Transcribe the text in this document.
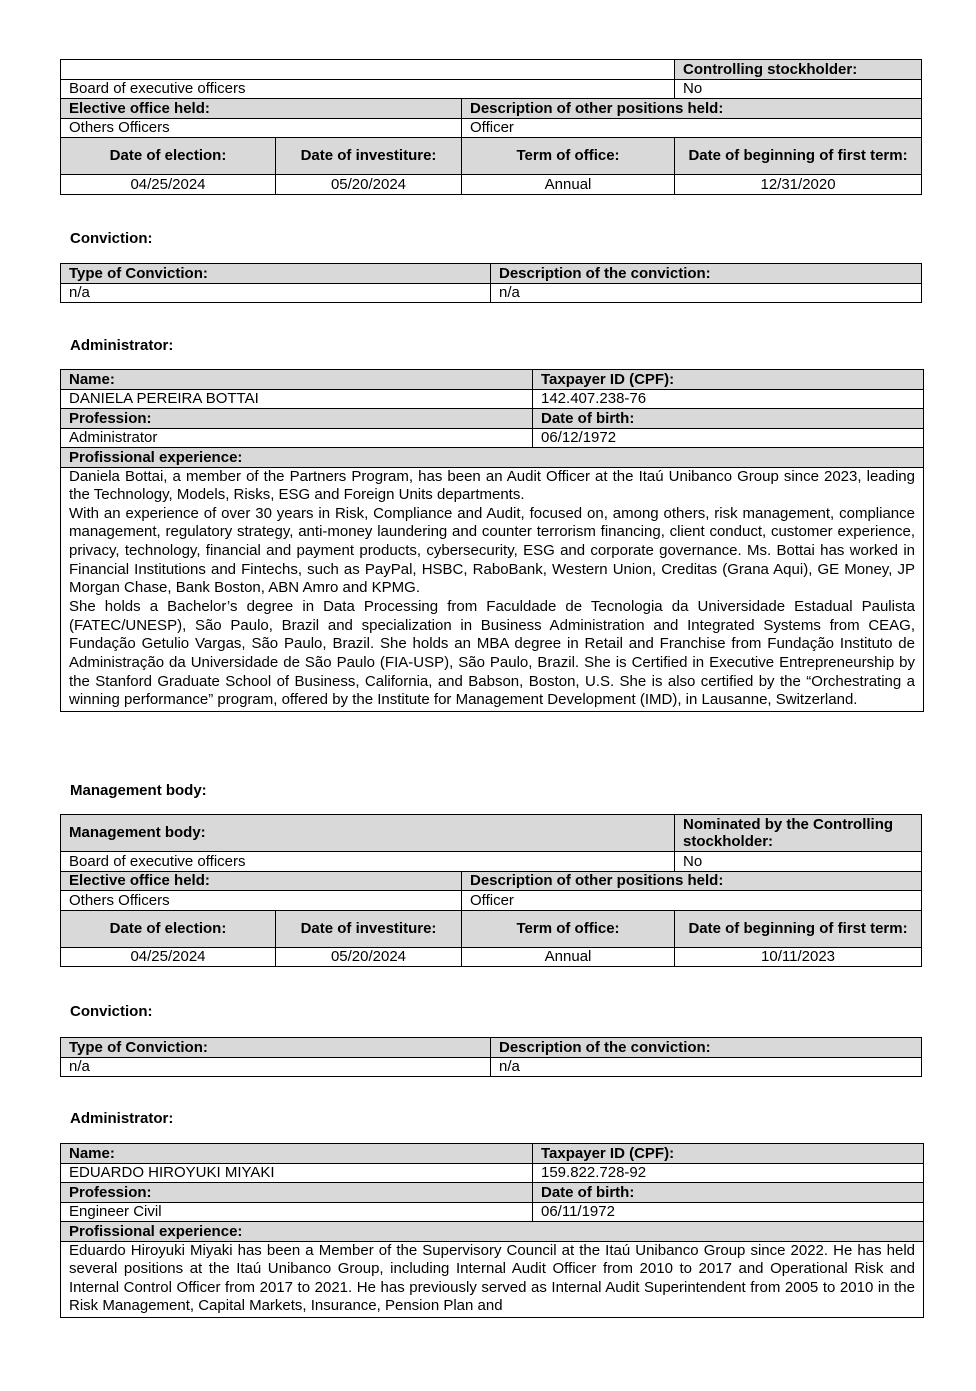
			Controlling stockholder:
Board of executive officers			No
Elective office held:		Description of other positions held:	
Others Officers		Officer	
Date of election:	Date of investiture:	Term of office:	Date of beginning of first term:
04/25/2024	05/20/2024	Annual	12/31/2020

Conviction:

Type of Conviction:	Description of the conviction:
n/a	n/a

Administrator:

Name:	Taxpayer ID (CPF):
DANIELA PEREIRA BOTTAI	142.407.238-76
Profession:	Date of birth:
Administrator	06/12/1972
Profissional experience:	

Daniela Bottai, a member of the Partners Program, has been an Audit Officer at the Itaú Unibanco Group since 2023, leading the Technology, Models, Risks, ESG and Foreign Units departments.

With an experience of over 30 years in Risk, Compliance and Audit, focused on, among others, risk management, compliance management, regulatory strategy, anti-money laundering and counter terrorism financing, client conduct, customer experience, privacy, technology, financial and payment products, cybersecurity, ESG and corporate governance. Ms. Bottai has worked in Financial Institutions and Fintechs, such as PayPal, HSBC, RaboBank, Western Union, Creditas (Grana Aqui), GE Money, JP Morgan Chase, Bank Boston, ABN Amro and KPMG.

She holds a Bachelor’s degree in Data Processing from Faculdade de Tecnologia da Universidade Estadual Paulista (FATEC/UNESP), São Paulo, Brazil and specialization in Business Administration and Integrated Systems from CEAG, Fundação Getulio Vargas, São Paulo, Brazil. She holds an MBA degree in Retail and Franchise from Fundação Instituto de Administração da Universidade de São Paulo (FIA-USP), São Paulo, Brazil. She is Certified in Executive Entrepreneurship by the Stanford Graduate School of Business, California, and Babson, Boston, U.S. She is also certified by the “Orchestrating a winning performance” program, offered by the Institute for Management Development (IMD), in Lausanne, Switzerland.	

Management body:

Management body:			Nominated by the Controlling stockholder:
Board of executive officers			No
Elective office held:		Description of other positions held:	
Others Officers		Officer	
Date of election:	Date of investiture:	Term of office:	Date of beginning of first term:
04/25/2024	05/20/2024	Annual	10/11/2023

Conviction:

Type of Conviction:	Description of the conviction:
n/a	n/a

Administrator:

Name:	Taxpayer ID (CPF):
EDUARDO HIROYUKI MIYAKI	159.822.728-92
Profession:	Date of birth:
Engineer Civil	06/11/1972
Profissional experience:	

Eduardo Hiroyuki Miyaki has been a Member of the Supervisory Council at the Itaú Unibanco Group since 2022. He has held several positions at the Itaú Unibanco Group, including Internal Audit Officer from 2010 to 2017 and Operational Risk and Internal Control Officer from 2017 to 2021. He has previously served as Internal Audit Superintendent from 2005 to 2010 in the Risk Management, Capital Markets, Insurance, Pension Plan and	
